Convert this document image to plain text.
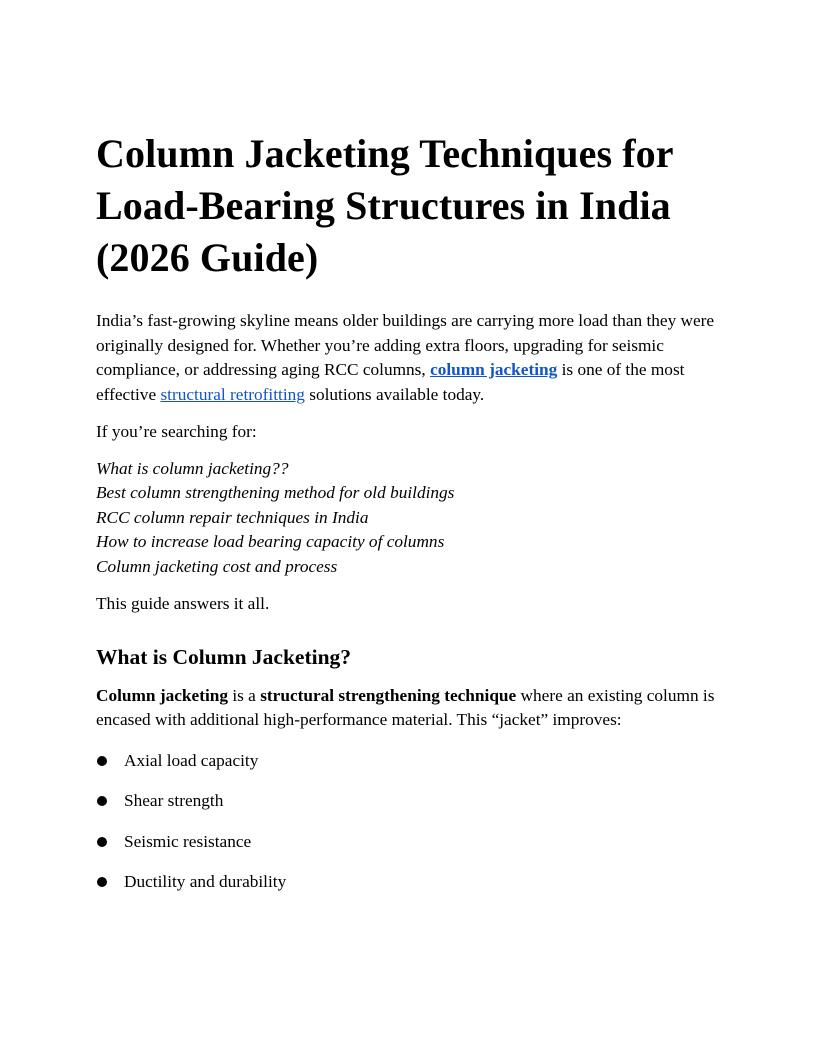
Column Jacketing Techniques for
Load-Bearing Structures in India
(2026 Guide)

India’s fast-growing skyline means older buildings are carrying more load than they were originally designed for. Whether you’re adding extra floors, upgrading for seismic compliance, or addressing aging RCC columns, column jacketing is one of the most effective structural retrofitting solutions available today.

If you’re searching for:

What is column jacketing??
Best column strengthening method for old buildings
RCC column repair techniques in India
How to increase load bearing capacity of columns
Column jacketing cost and process

This guide answers it all.

What is Column Jacketing?

Column jacketing is a structural strengthening technique where an existing column is encased with additional high-performance material. This “jacket” improves:

Axial load capacity
Shear strength
Seismic resistance
Ductility and durability
